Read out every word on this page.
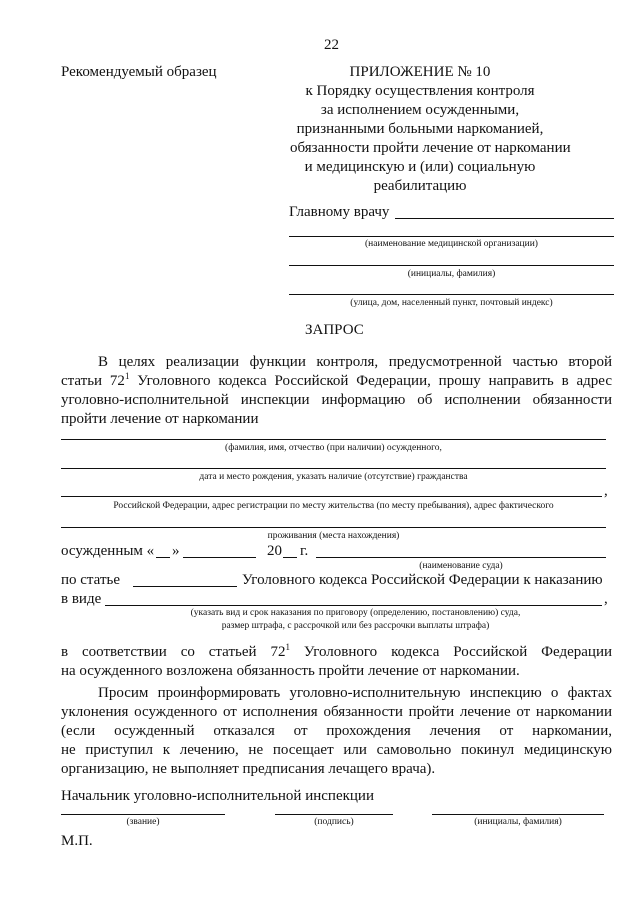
22
Рекомендуемый образец	ПРИЛОЖЕНИЕ № 10
к Порядку осуществления контроля
за исполнением осужденными,
признанными больными наркоманией,
обязанности пройти лечение от наркомании
и медицинскую и (или) социальную
реабилитацию
Главному врачу
(наименование медицинской организации)
(инициалы, фамилия)
(улица, дом, населенный пункт, почтовый индекс)
ЗАПРОС
В целях реализации функции контроля, предусмотренной частью второй
статьи $72^1$ Уголовного кодекса Российской Федерации, прошу направить в адрес
уголовно-исполнительной инспекции информацию об исполнении обязанности
пройти лечение от наркомании
(фамилия, имя, отчество (при наличии) осужденного,
дата и место рождения, указать наличие (отсутствие) гражданства
,
Российской Федерации, адрес регистрации по месту жительства (по месту пребывания), адрес фактического
проживания (места нахождения)
осужденным « »	20 г.
(наименование суда)
по статье	Уголовного кодекса Российской Федерации к наказанию
в виде	,
(указать вид и срок наказания по приговору (определению, постановлению) суда,
размер штрафа, с рассрочкой или без рассрочки выплаты штрафа)
в соответствии со статьей $72^1$ Уголовного кодекса Российской Федерации
на осужденного возложена обязанность пройти лечение от наркомании.
Просим проинформировать уголовно-исполнительную инспекцию о фактах
уклонения осужденного от исполнения обязанности пройти лечение от наркомании
(если осужденный отказался от прохождения лечения от наркомании,
не приступил к лечению, не посещает или самовольно покинул медицинскую
организацию, не выполняет предписания лечащего врача).
Начальник уголовно-исполнительной инспекции
(звание)	(подпись)	(инициалы, фамилия)
М.П.
